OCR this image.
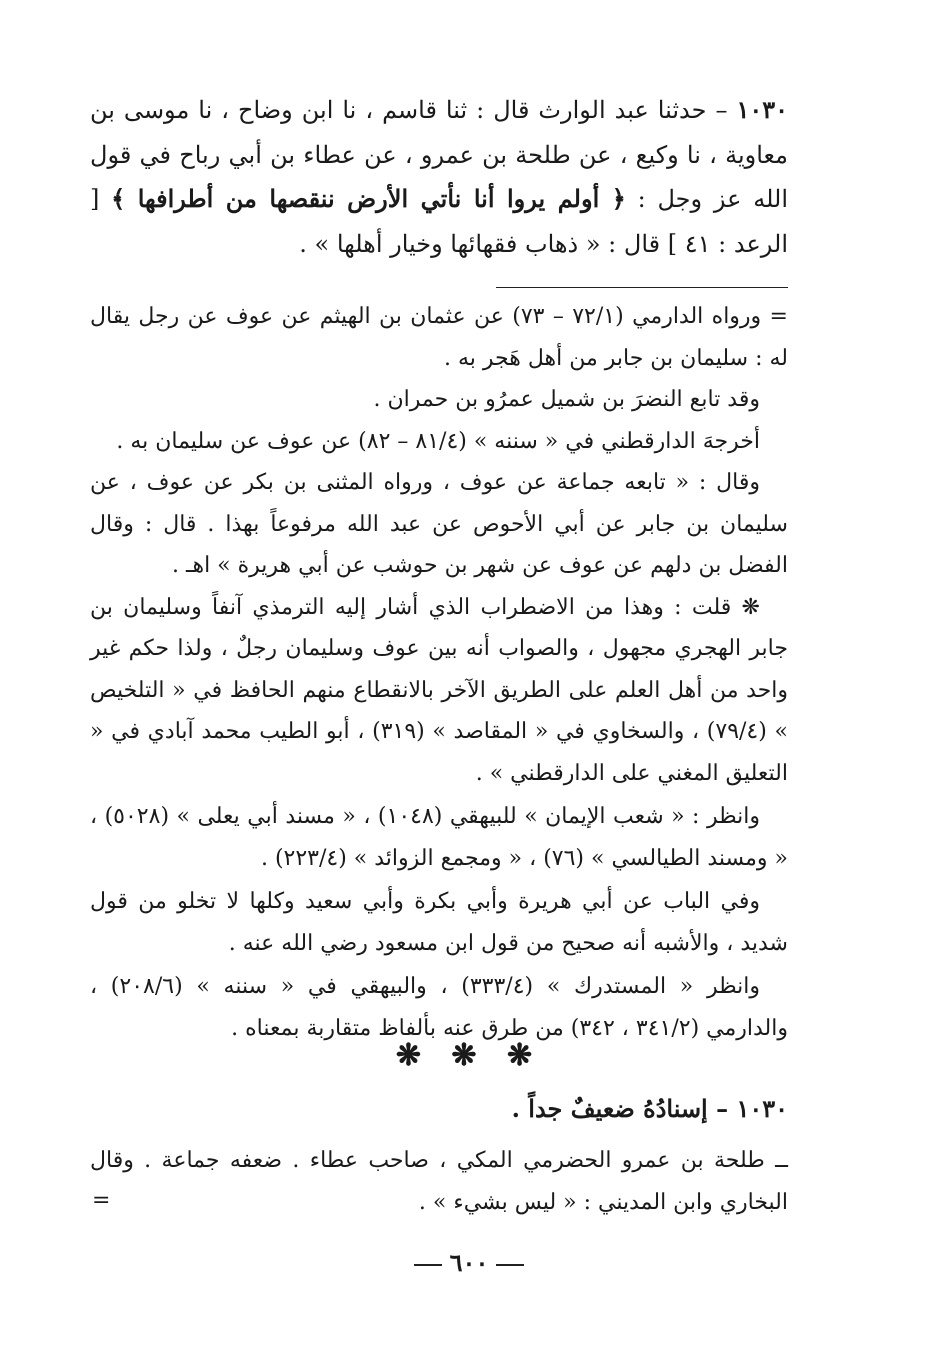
١٠٣٠ – حدثنا عبد الوارث قال : ثنا قاسم ، نا ابن وضاح ، نا موسى بن معاوية ، نا وكيع ، عن طلحة بن عمرو ، عن عطاء بن أبي رباح في قول الله عز وجل : ﴿ أولم يروا أنا نأتي الأرض ننقصها من أطرافها ﴾ [ الرعد : ٤١ ] قال : « ذهاب فقهائها وخيار أهلها » .

= ورواه الدارمي (٧٢/١ – ٧٣) عن عثمان بن الهيثم عن عوف عن رجل يقال له : سليمان بن جابر من أهل هَجر به .

وقد تابع النضرَ بن شميل عمرُو بن حمران .

أخرجهَ الدارقطني في « سننه » (٨١/٤ – ٨٢) عن عوف عن سليمان به .

وقال : « تابعه جماعة عن عوف ، ورواه المثنى بن بكر عن عوف ، عن سليمان بن جابر عن أبي الأحوص عن عبد الله مرفوعاً بهذا . قال : وقال الفضل بن دلهم عن عوف عن شهر بن حوشب عن أبي هريرة » اهـ .

❋ قلت : وهذا من الاضطراب الذي أشار إليه الترمذي آنفاً وسليمان بن جابر الهجري مجهول ، والصواب أنه بين عوف وسليمان رجلٌ ، ولذا حكم غير واحد من أهل العلم على الطريق الآخر بالانقطاع منهم الحافظ في « التلخيص » (٧٩/٤) ، والسخاوي في « المقاصد » (٣١٩) ، أبو الطيب محمد آبادي في « التعليق المغني على الدارقطني » .

وانظر : « شعب الإيمان » للبيهقي (١٠٤٨) ، « مسند أبي يعلى » (٥٠٢٨) ، « ومسند الطيالسي » (٧٦) ، « ومجمع الزوائد » (٢٢٣/٤) .

وفي الباب عن أبي هريرة وأبي بكرة وأبي سعيد وكلها لا تخلو من قول شديد ، والأشبه أنه صحيح من قول ابن مسعود رضي الله عنه .

وانظر « المستدرك » (٣٣٣/٤) ، والبيهقي في « سننه » (٢٠٨/٦) ، والدارمي (٣٤١/٢ ، ٣٤٢) من طرق عنه بألفاظ متقاربة بمعناه .

❋ ❋ ❋
١٠٣٠ – إسنادُهُ ضعيفٌ جداً .

ــ طلحة بن عمرو الحضرمي المكي ، صاحب عطاء . ضعفه جماعة . وقال البخاري وابن المديني : « ليس بشيء » .

=
٦٠٠
